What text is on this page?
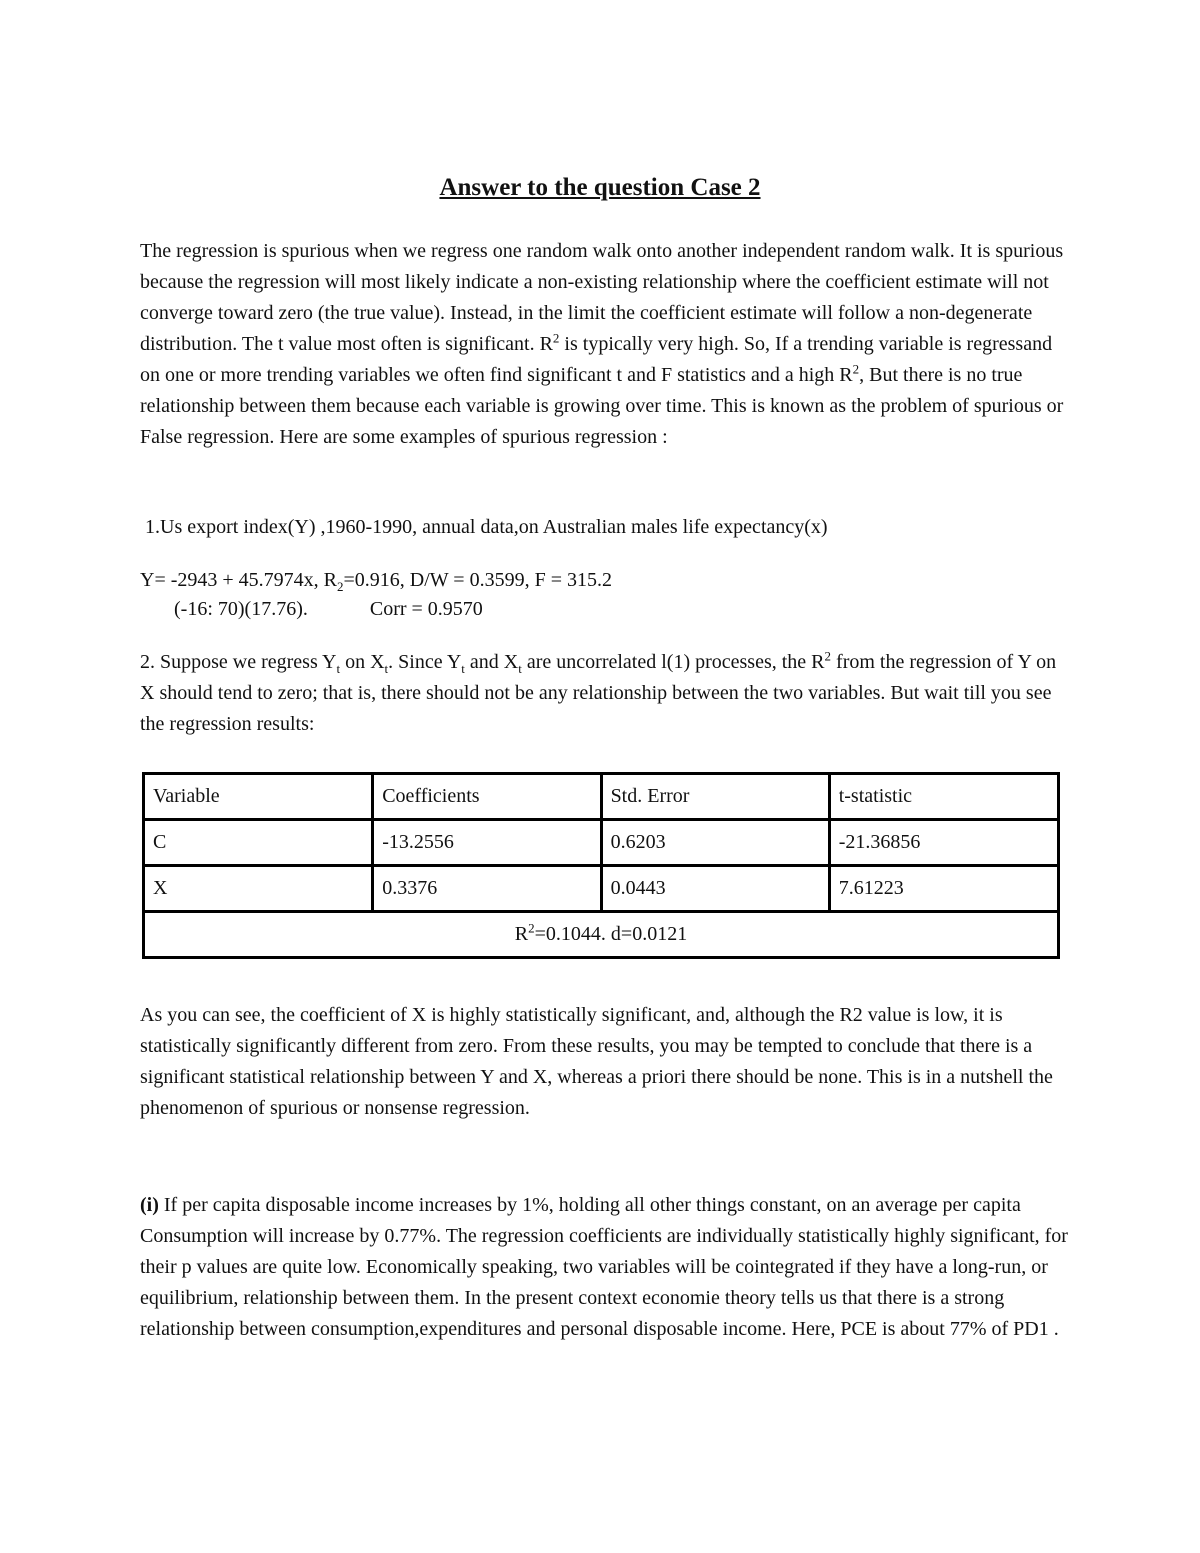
Answer to the question Case 2

The regression is spurious when we regress one random walk onto another independent random walk. It is spurious because the regression will most likely indicate a non-existing relationship where the coefficient estimate will not converge toward zero (the true value). Instead, in the limit the coefficient estimate will follow a non-degenerate distribution. The t value most often is significant. $R^2$ is typically very high. So, If a trending variable is regressand on one or more trending variables we often find significant t and F statistics and a high $R^2$, But there is no true relationship between them because each variable is growing over time. This is known as the problem of spurious or False regression. Here are some examples of spurious regression :

1.Us export index(Y) ,1960-1990, annual data,on Australian males life expectancy(x)

Y= -2943 + 45.7974x, $R_2=0.916$, D/W = 0.3599, F = 315.2
(-16: 70)(17.76).	Corr = 0.9570

2. Suppose we regress $Y_t$ on $X_t$. Since $Y_t$ and $X_t$ are uncorrelated l(1) processes, the $R^2$ from the regression of Y on X should tend to zero; that is, there should not be any relationship between the two variables. But wait till you see the regression results:

Variable	Coefficients	Std. Error	t-statistic
C	-13.2556	0.6203	-21.36856
X	0.3376	0.0443	7.61223
$R^2=0.1044$. d=0.0121			

As you can see, the coefficient of X is highly statistically significant, and, although the R2 value is low, it is statistically significantly different from zero. From these results, you may be tempted to conclude that there is a significant statistical relationship between Y and X, whereas a priori there should be none. This is in a nutshell the phenomenon of spurious or nonsense regression.

(i) If per capita disposable income increases by 1%, holding all other things constant, on an average per capita Consumption will increase by 0.77%. The regression coefficients are individually statistically highly significant, for their p values are quite low. Economically speaking, two variables will be cointegrated if they have a long-run, or equilibrium, relationship between them. In the present context economie theory tells us that there is a strong relationship between consumption,expenditures and personal disposable income. Here, PCE is about 77% of PD1 .
